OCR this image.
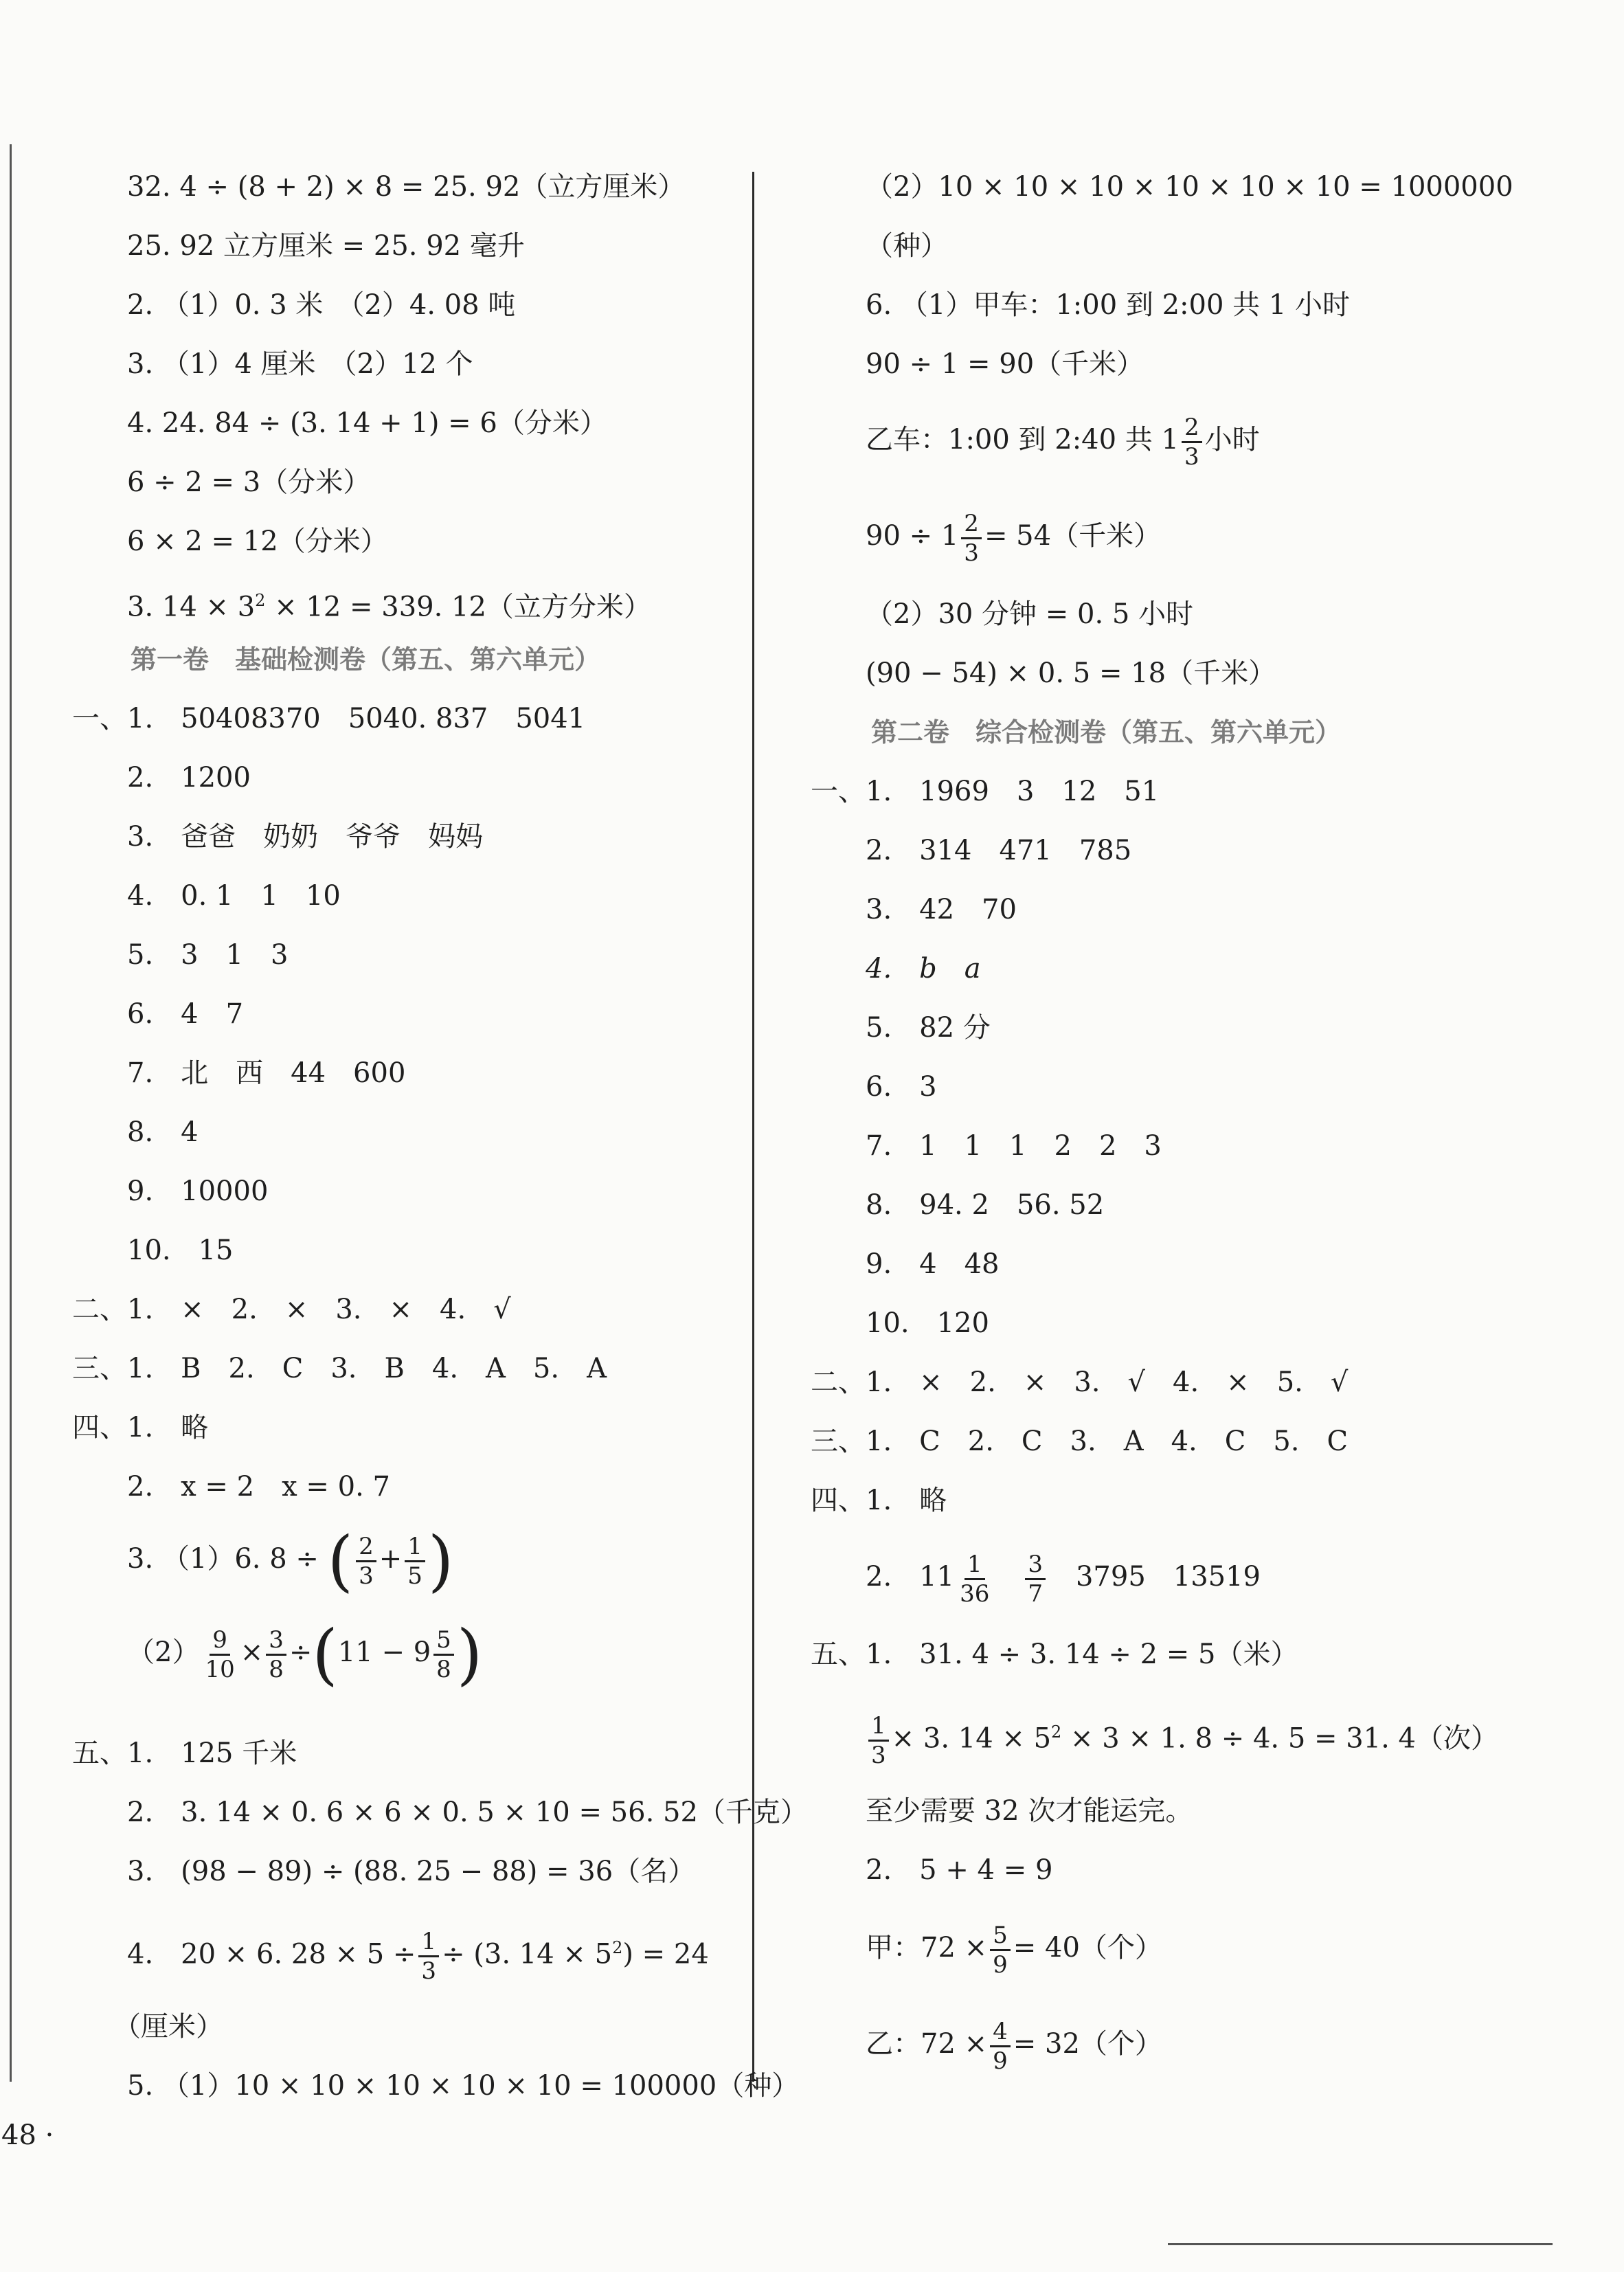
32. 4 ÷ (8 + 2) × 8 = 25. 92（立方厘米）
25. 92 立方厘米 = 25. 92 毫升
2. （1）0. 3 米　（2）4. 08 吨
3. （1）4 厘米　（2）12 个
4. 24. 84 ÷ (3. 14 + 1) = 6（分米）
6 ÷ 2 = 3（分米）
6 × 2 = 12（分米）
3. $14 \times 3^2 \times 12 = 339$. 12（立方分米）
第一卷　基础检测卷（第五、第六单元）
一、1.　50408370　5040. 837　5041
2.　1200
3.　爸爸　奶奶　爷爷　妈妈
4.　0. 1　1　10
5.　3　1　3
6.　4　7
7.　北　西　44　600
8.　4
9.　10000
10.　15
二、1.　×　2.　×　3.　×　4.　√
三、1.　B　2.　C　3.　B　4.　A　5.　A
四、1.　略
2.　x = 2　x = 0. 7
3. （1）6. 8 ÷ ( $\frac{2}{3} + \frac{1}{5}$ )
$(2) \frac{9}{10} \times \frac{3}{8} \div(11 - 9 \frac{5}{8}$ )
五、1.　125 千米
2.　3. 14 × 0. 6 × 6 × 0. 5 × 10 = 56. 52（千克）
3.　(98 − 89) ÷ (88. 25 − 88) = 36（名）
4.　20 × 6. $28 \times 5 \div \frac{1}{3} \div (3$. $14 \times 5^2) = 24$
（厘米）
5. （1）10 × 10 × 10 × 10 × 10 = 100000（种）
（2）10 × 10 × 10 × 10 × 10 × 10 = 1000000
（种）
6. （1）甲车：1:00 到 2:00 共 1 小时
90 ÷ 1 = 90（千米）
乙车：1:00 到 2:40 共 $1 \frac{2}{3}$ 小时
$90 \div 1 \frac{2}{3} = 54$（千米）
（2）30 分钟 = 0. 5 小时
(90 − 54) × 0. 5 = 18（千米）
第二卷　综合检测卷（第五、第六单元）
一、1.　1969　3　12　51
2.　314　471　785
3.　42　70
4.　b　a
5.　82 分
6.　3
7.　1　1　1　2　2　3
8.　94. 2　56. 52
9.　4　48
10.　120
二、1.　×　2.　×　3.　√　4.　×　5.　√
三、1.　C　2.　C　3.　A　4.　C　5.　C
四、1.　略
2.　$11 \frac{1}{36}$
　 $\frac{3}{7}$
　 3795　13519
五、1.　31. 4 ÷ 3. 14 ÷ 2 = 5（米）
$\frac{1}{3} \times 3$. $14 \times 5^2 \times 3 \times 1$. 8 ÷ 4. 5 = 31. 4（次）
至少需要 32 次才能运完。
2.　5 + 4 = 9
甲：$72 \times \frac{5}{9} = 40$（个）
乙：$72 \times \frac{4}{9} = 32$（个）
48 ·
